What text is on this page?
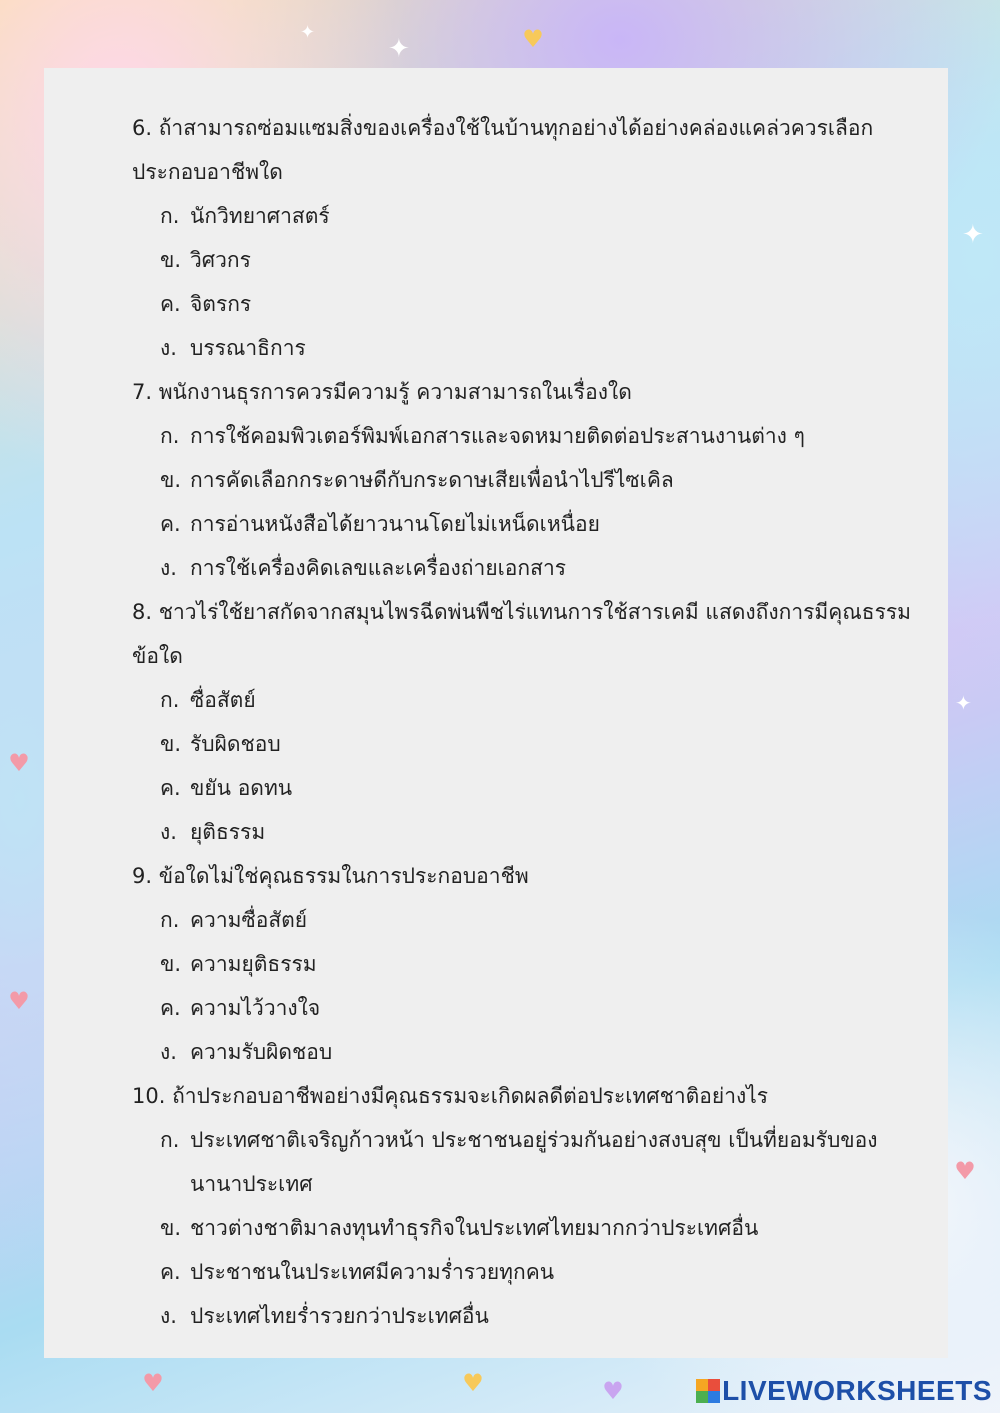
♥
✦
✦
✦
✦
♥
♥
♥
♥	♥	♥
6. ถ้าสามารถซ่อมแซมสิ่งของเครื่องใช้ในบ้านทุกอย่างได้อย่างคล่องแคล่วควรเลือก
ประกอบอาชีพใด
ก. นักวิทยาศาสตร์
ข. วิศวกร
ค. จิตรกร
ง. บรรณาธิการ
7. พนักงานธุรการควรมีความรู้ ความสามารถในเรื่องใด
ก. การใช้คอมพิวเตอร์พิมพ์เอกสารและจดหมายติดต่อประสานงานต่าง ๆ
ข. การคัดเลือกกระดาษดีกับกระดาษเสียเพื่อนำไปรีไซเคิล
ค. การอ่านหนังสือได้ยาวนานโดยไม่เหน็ดเหนื่อย
ง. การใช้เครื่องคิดเลขและเครื่องถ่ายเอกสาร
8. ชาวไร่ใช้ยาสกัดจากสมุนไพรฉีดพ่นพืชไร่แทนการใช้สารเคมี แสดงถึงการมีคุณธรรม
ข้อใด
ก. ซื่อสัตย์
ข. รับผิดชอบ
ค. ขยัน อดทน
ง. ยุติธรรม
9. ข้อใดไม่ใช่คุณธรรมในการประกอบอาชีพ
ก. ความซื่อสัตย์
ข. ความยุติธรรม
ค. ความไว้วางใจ
ง. ความรับผิดชอบ
10. ถ้าประกอบอาชีพอย่างมีคุณธรรมจะเกิดผลดีต่อประเทศชาติอย่างไร
ก. ประเทศชาติเจริญก้าวหน้า ประชาชนอยู่ร่วมกันอย่างสงบสุข เป็นที่ยอมรับของ
นานาประเทศ
ข. ชาวต่างชาติมาลงทุนทำธุรกิจในประเทศไทยมากกว่าประเทศอื่น
ค. ประชาชนในประเทศมีความร่ำรวยทุกคน
ง. ประเทศไทยร่ำรวยกว่าประเทศอื่น
LIVEWORKSHEETS
